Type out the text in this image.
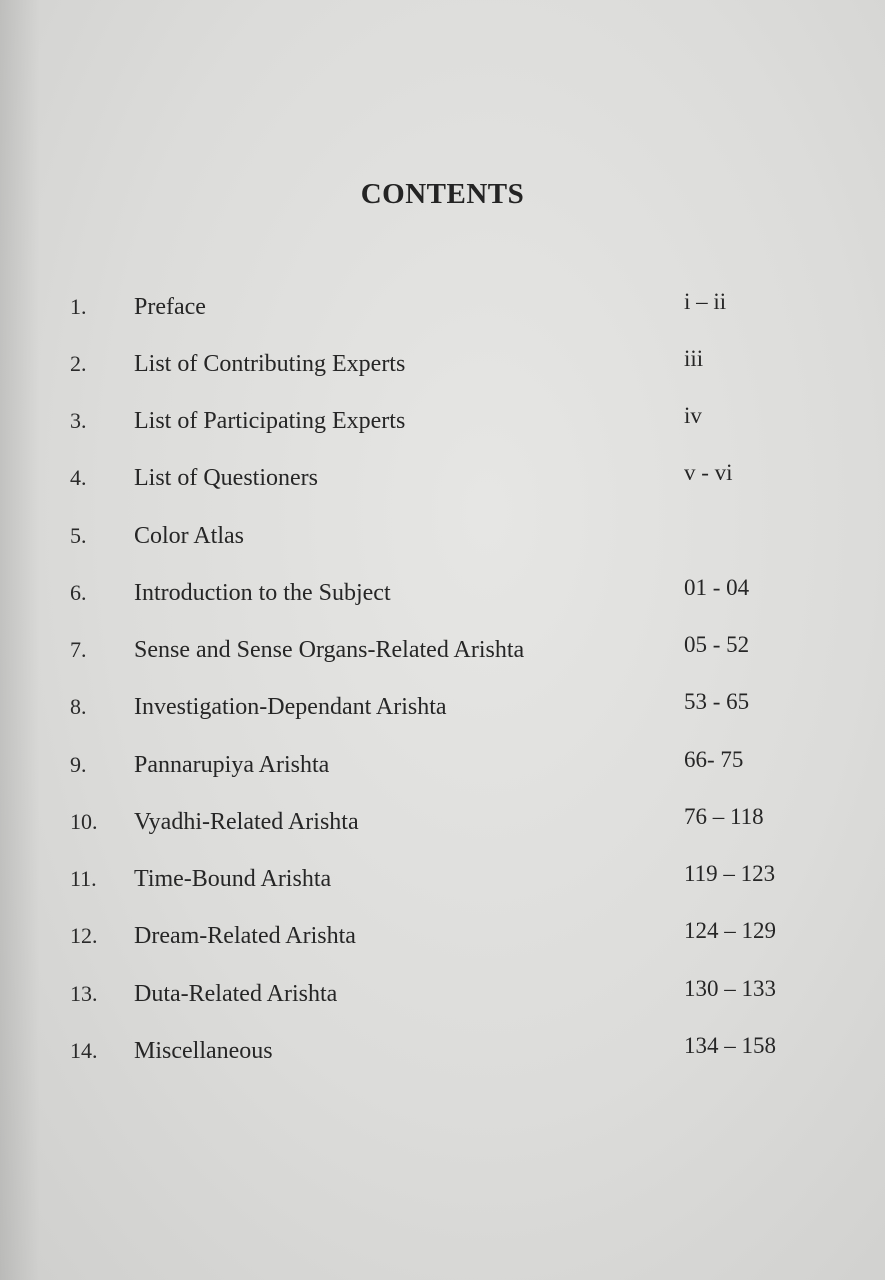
CONTENTS
1. Preface	i – ii
2. List of Contributing Experts	iii
3. List of Participating Experts	iv
4. List of Questioners	v - vi
5. Color Atlas
6. Introduction to the Subject	01 - 04
7. Sense and Sense Organs-Related Arishta	05 - 52
8. Investigation-Dependant Arishta	53 - 65
9. Pannarupiya Arishta	66- 75
10. Vyadhi-Related Arishta	76 – 118
11. Time-Bound Arishta	119 – 123
12. Dream-Related Arishta	124 – 129
13. Duta-Related Arishta	130 – 133
14. Miscellaneous	134 – 158
